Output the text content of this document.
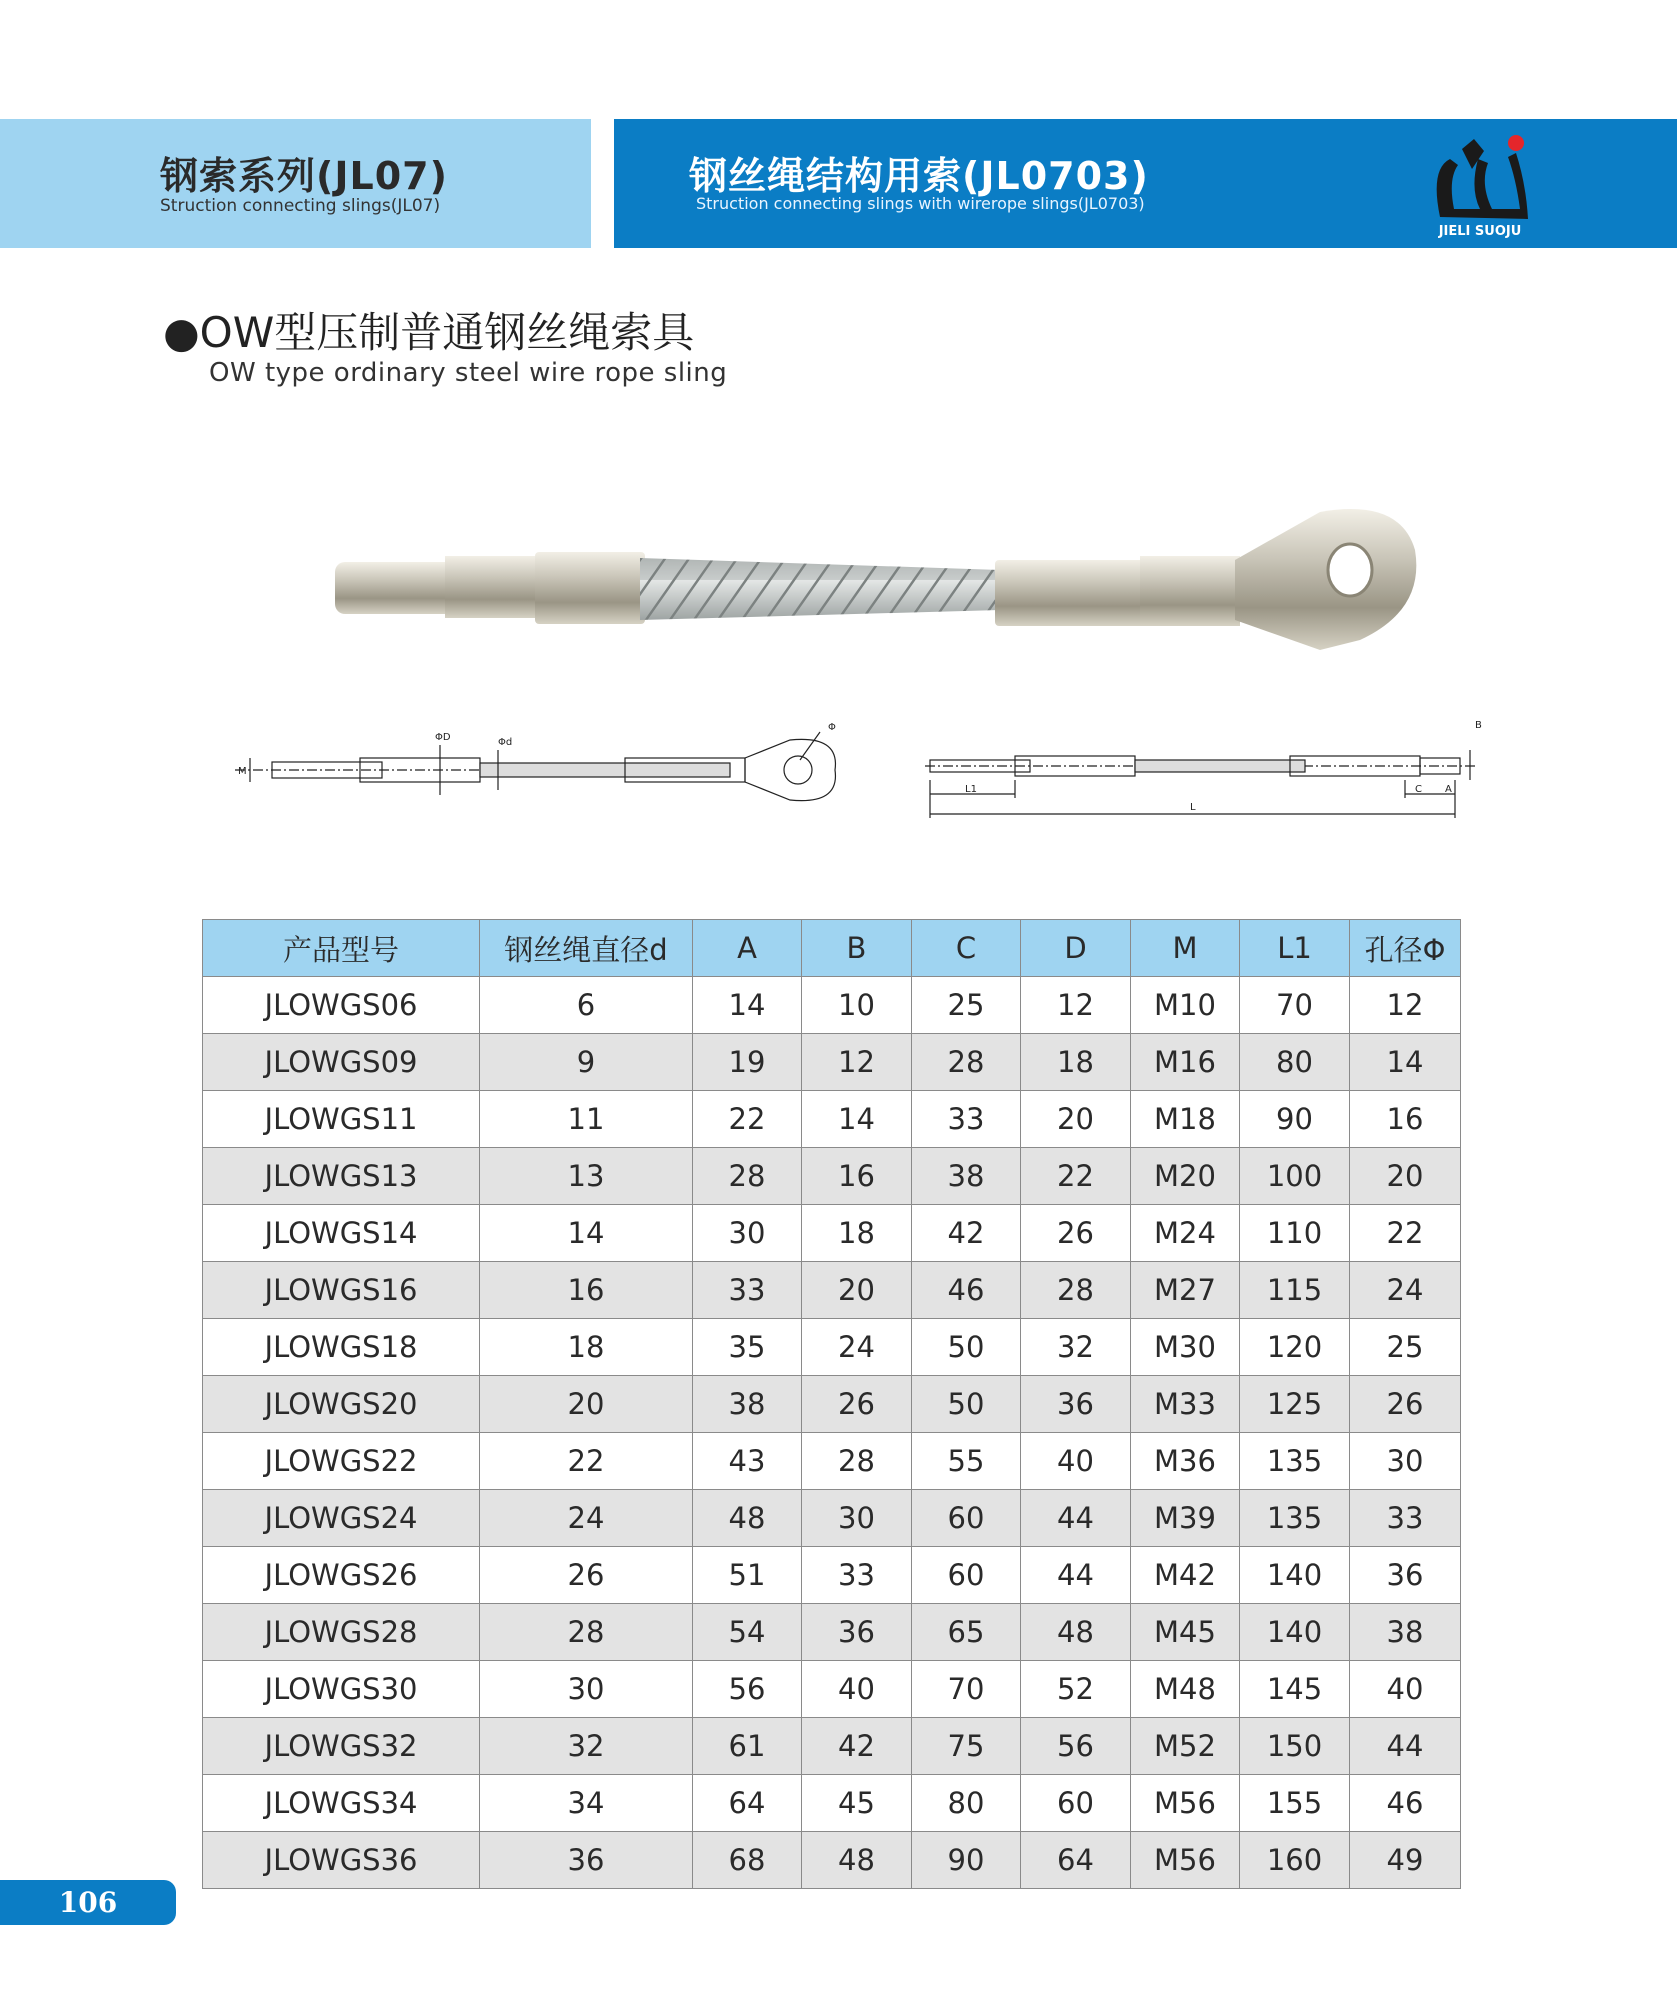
钢索系列(JL07)
Struction connecting slings(JL07)
钢丝绳结构用索(JL0703)
Struction connecting slings with wirerope slings(JL0703)
JIELI SUOJU
●OW型压制普通钢丝绳索具
OW type ordinary steel wire rope sling
M
ΦD	Φd
Φ
L1
L
C A
B
产品型号	钢丝绳直径d	A	B	C	D	M	L1	孔径Φ
JLOWGS06	6	14	10	25	12	M10	70	12
JLOWGS09	9	19	12	28	18	M16	80	14
JLOWGS11	11	22	14	33	20	M18	90	16
JLOWGS13	13	28	16	38	22	M20	100	20
JLOWGS14	14	30	18	42	26	M24	110	22
JLOWGS16	16	33	20	46	28	M27	115	24
JLOWGS18	18	35	24	50	32	M30	120	25
JLOWGS20	20	38	26	50	36	M33	125	26
JLOWGS22	22	43	28	55	40	M36	135	30
JLOWGS24	24	48	30	60	44	M39	135	33
JLOWGS26	26	51	33	60	44	M42	140	36
JLOWGS28	28	54	36	65	48	M45	140	38
JLOWGS30	30	56	40	70	52	M48	145	40
JLOWGS32	32	61	42	75	56	M52	150	44
JLOWGS34	34	64	45	80	60	M56	155	46
JLOWGS36	36	68	48	90	64	M56	160	49
106
